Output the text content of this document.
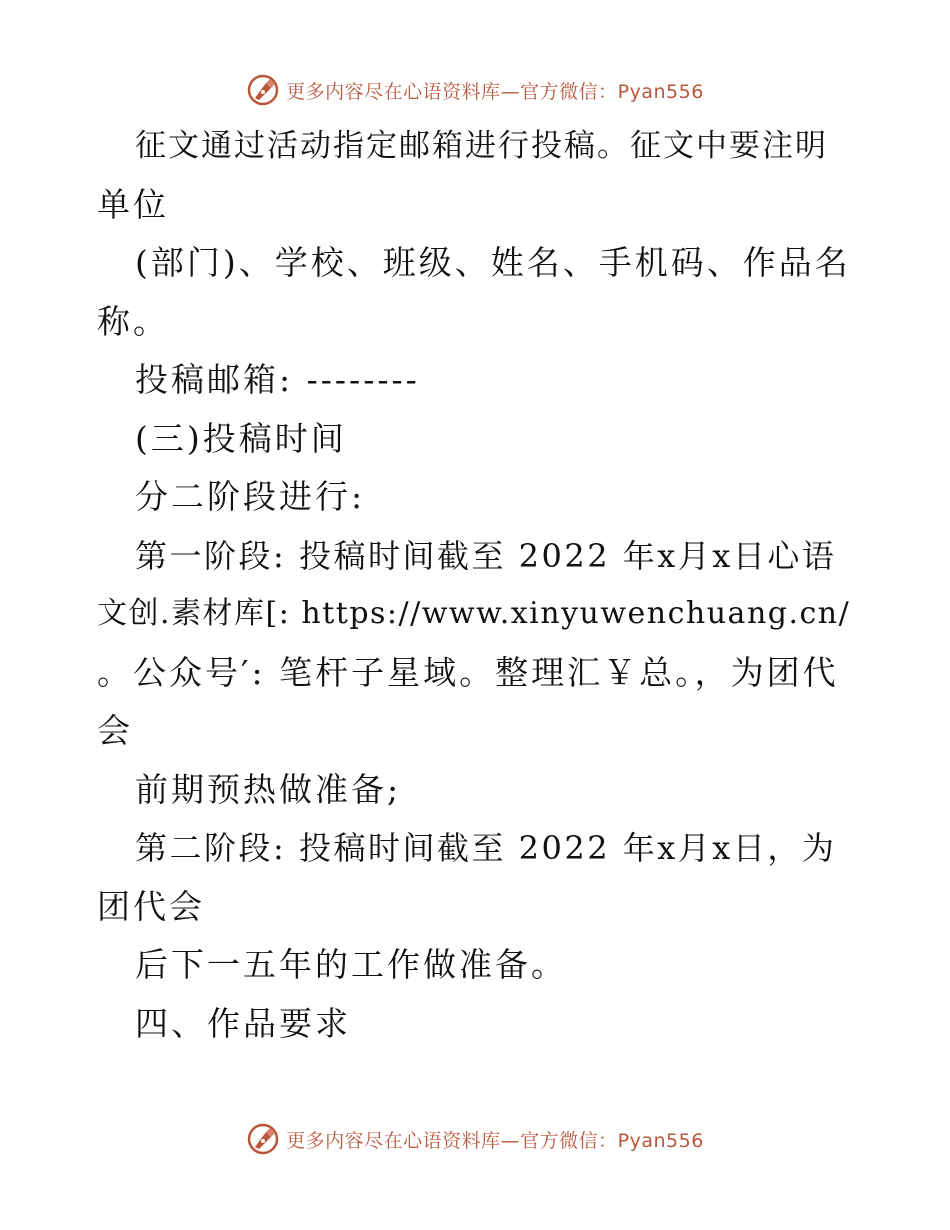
更多内容尽在心语资料库—官方微信：Pyan556
征文通过活动指定邮箱进行投稿。征文中要注明
单位
(部门)、学校、班级、姓名、手机码、作品名
称。
投稿邮箱: --------
(三)投稿时间
分二阶段进行:
第一阶段: 投稿时间截至 2022 年x月x日心语
文创.素材库[: https://www.xinyuwenchuang.cn/
。公众号′: 笔杆子星域。整理汇￥总。，为团代
会
前期预热做准备;
第二阶段: 投稿时间截至 2022 年x月x日，为
团代会
后下一五年的工作做准备。
四、作品要求
更多内容尽在心语资料库—官方微信：Pyan556
